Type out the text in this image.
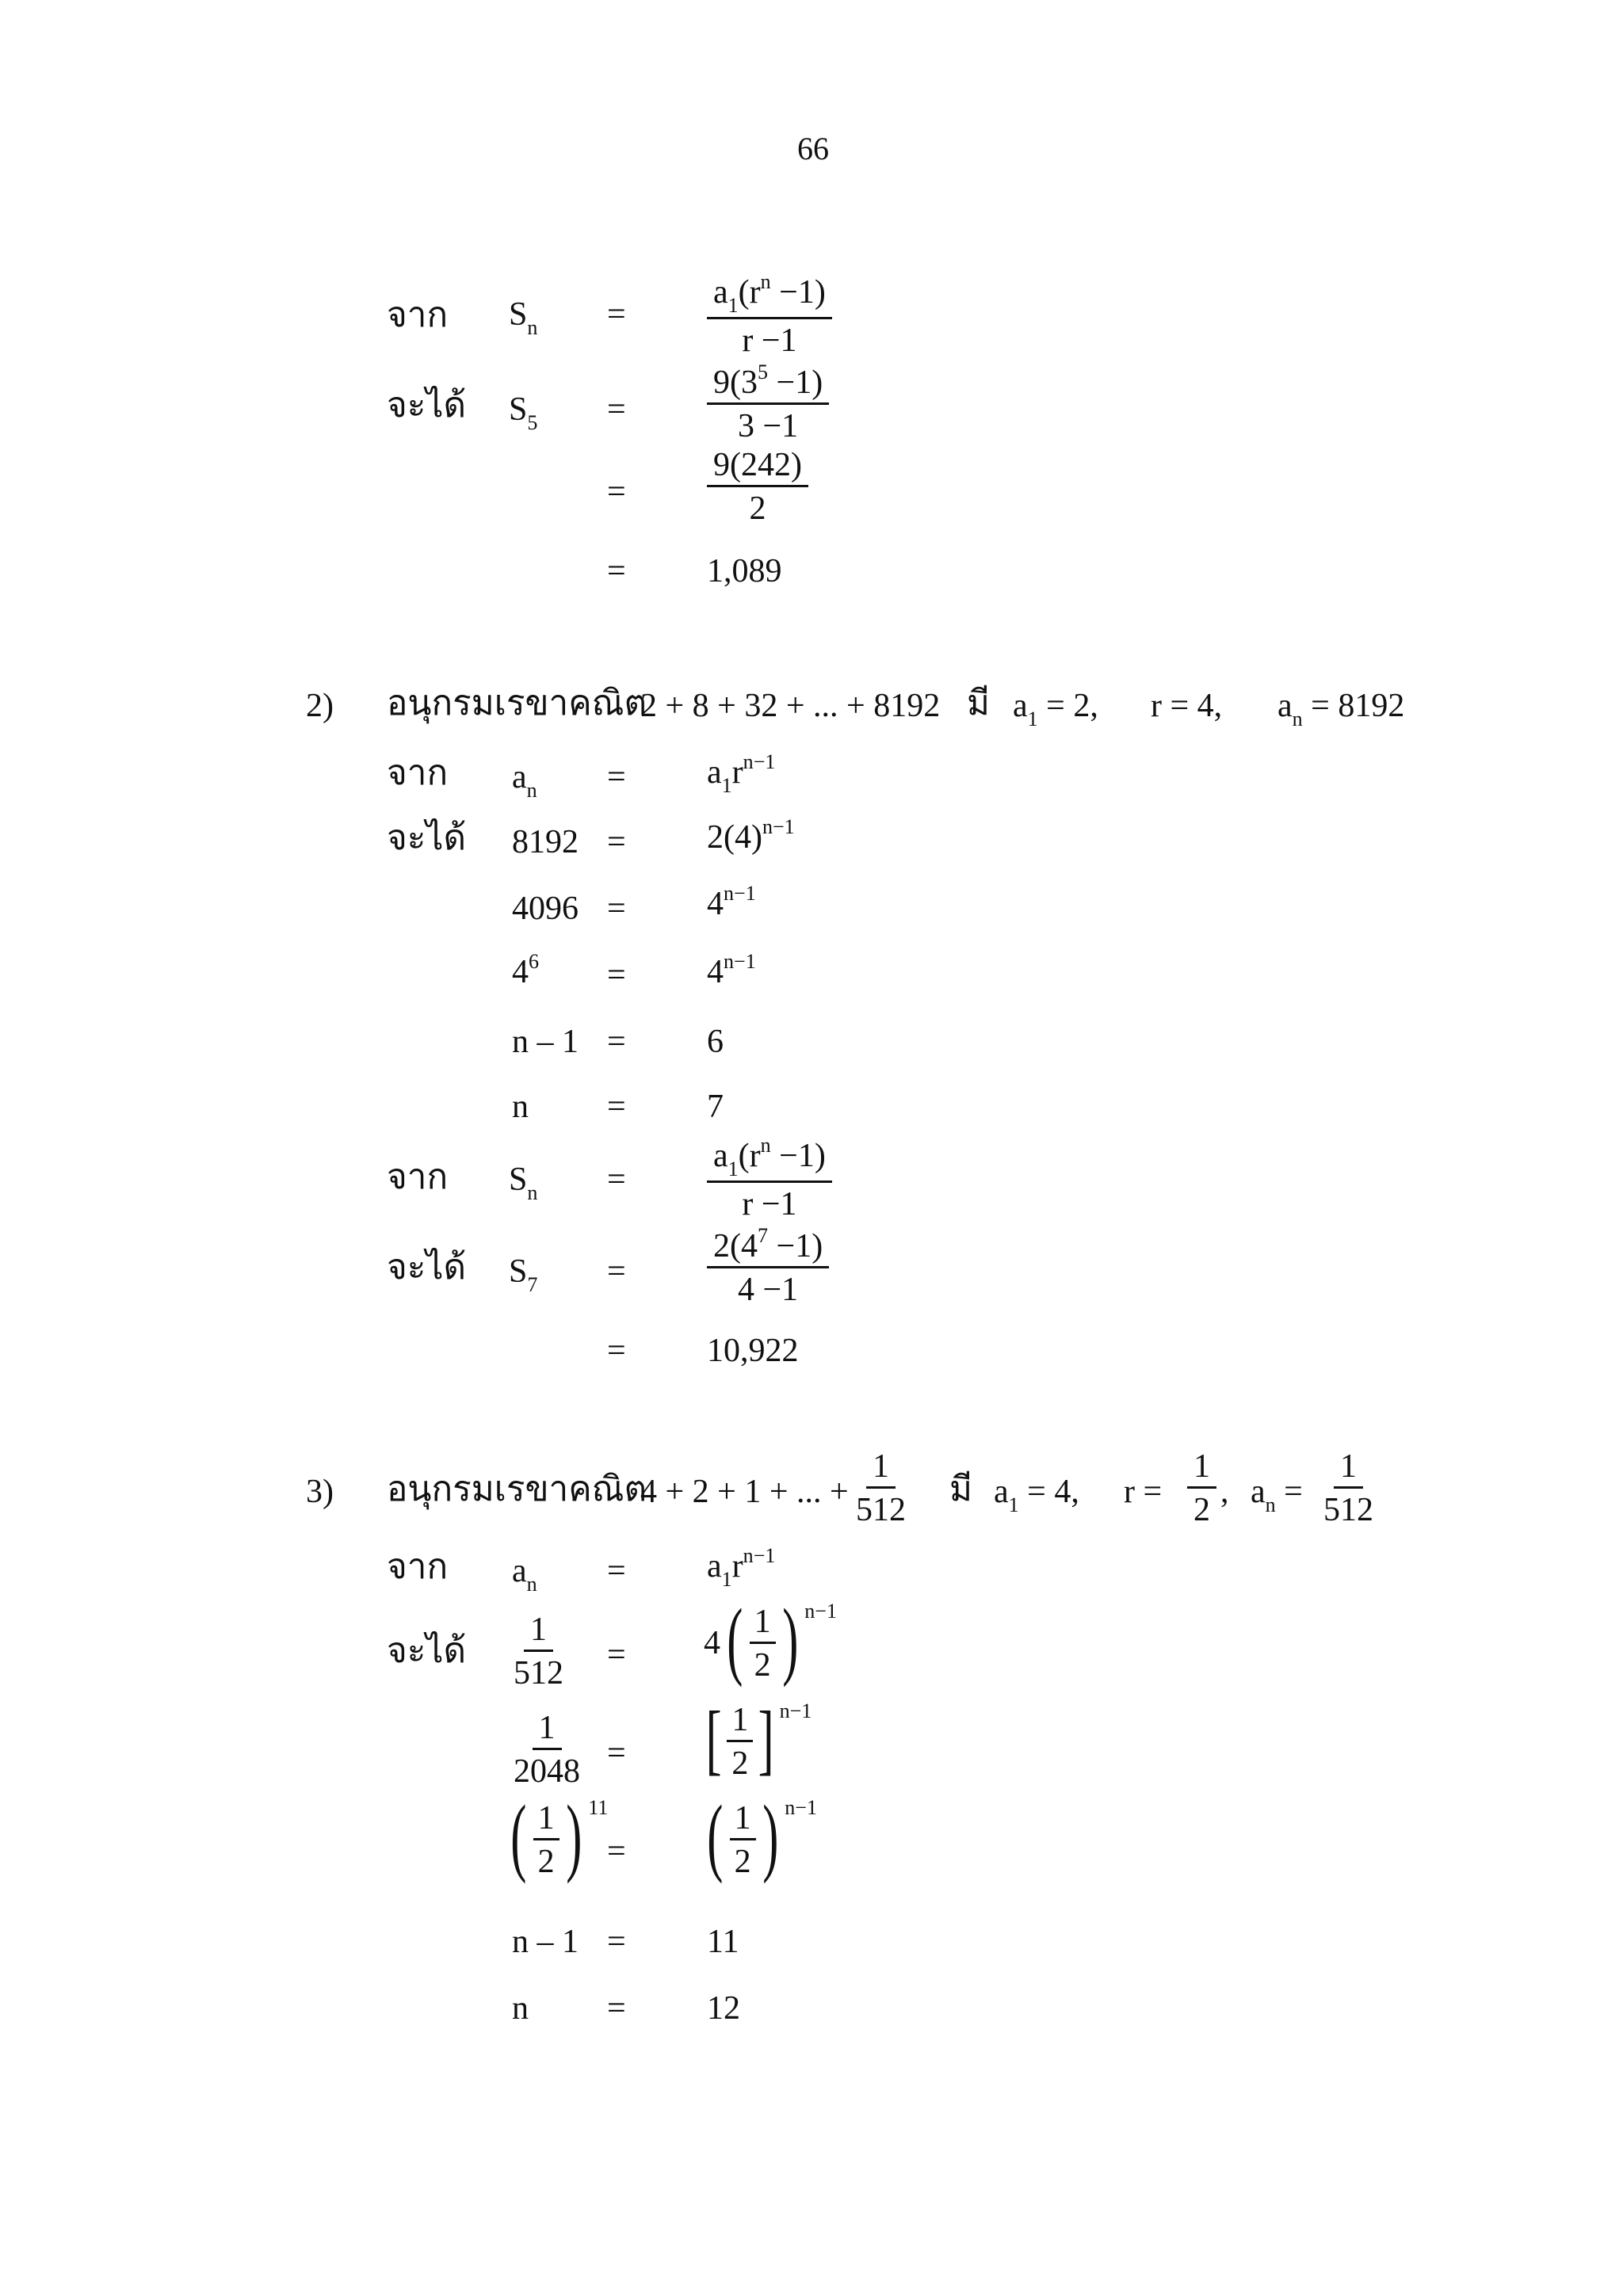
66
จาก $S_n = \frac{a_1(r^n -1)}{r -1}$
จะได้ $S_5 = \frac{9(3^5 -1)}{3 -1}$
= $\frac{9(242)}{2}$
= 1,089
2) อนุกรมเรขาคณิต
2 + 8 + 32 + ... + 8192 มี $a_1 = 2$, r = 4, $a_n = 8192$
จาก $a_n = a_1r^{n-1}$
จะได้ $8192 = 2(4)^{n-1}$
$4096 = 4^{n-1}$
$4^6 = 4^{n-1}$
n – 1 = 6
n = 7
จาก $S_n = \frac{a_1(r^n -1)}{r -1}$
จะได้ $S_7 = \frac{2(4^7 -1)}{4 -1}$
= 10,922
3) อนุกรมเรขาคณิต
4 + 2 + 1 + ... + $\frac{1}{512}$ มี $a_1 = 4$, $r = \frac{1}{2}$ , $a_n = \frac{1}{512}$
จาก $a_n = a_1r^{n-1}$
จะได้ $\frac{1}{512} = 4$ ( $\frac{1}{2}$ ) $^{n-1}$
$\frac{1}{2048}$ = [ $\frac{1}{2}$ ] $^{n-1}$
( $\frac{1}{2}$ ) $^{11}$
= ( $\frac{1}{2}$ ) $^{n-1}$
n – 1 = 11
n = 12
